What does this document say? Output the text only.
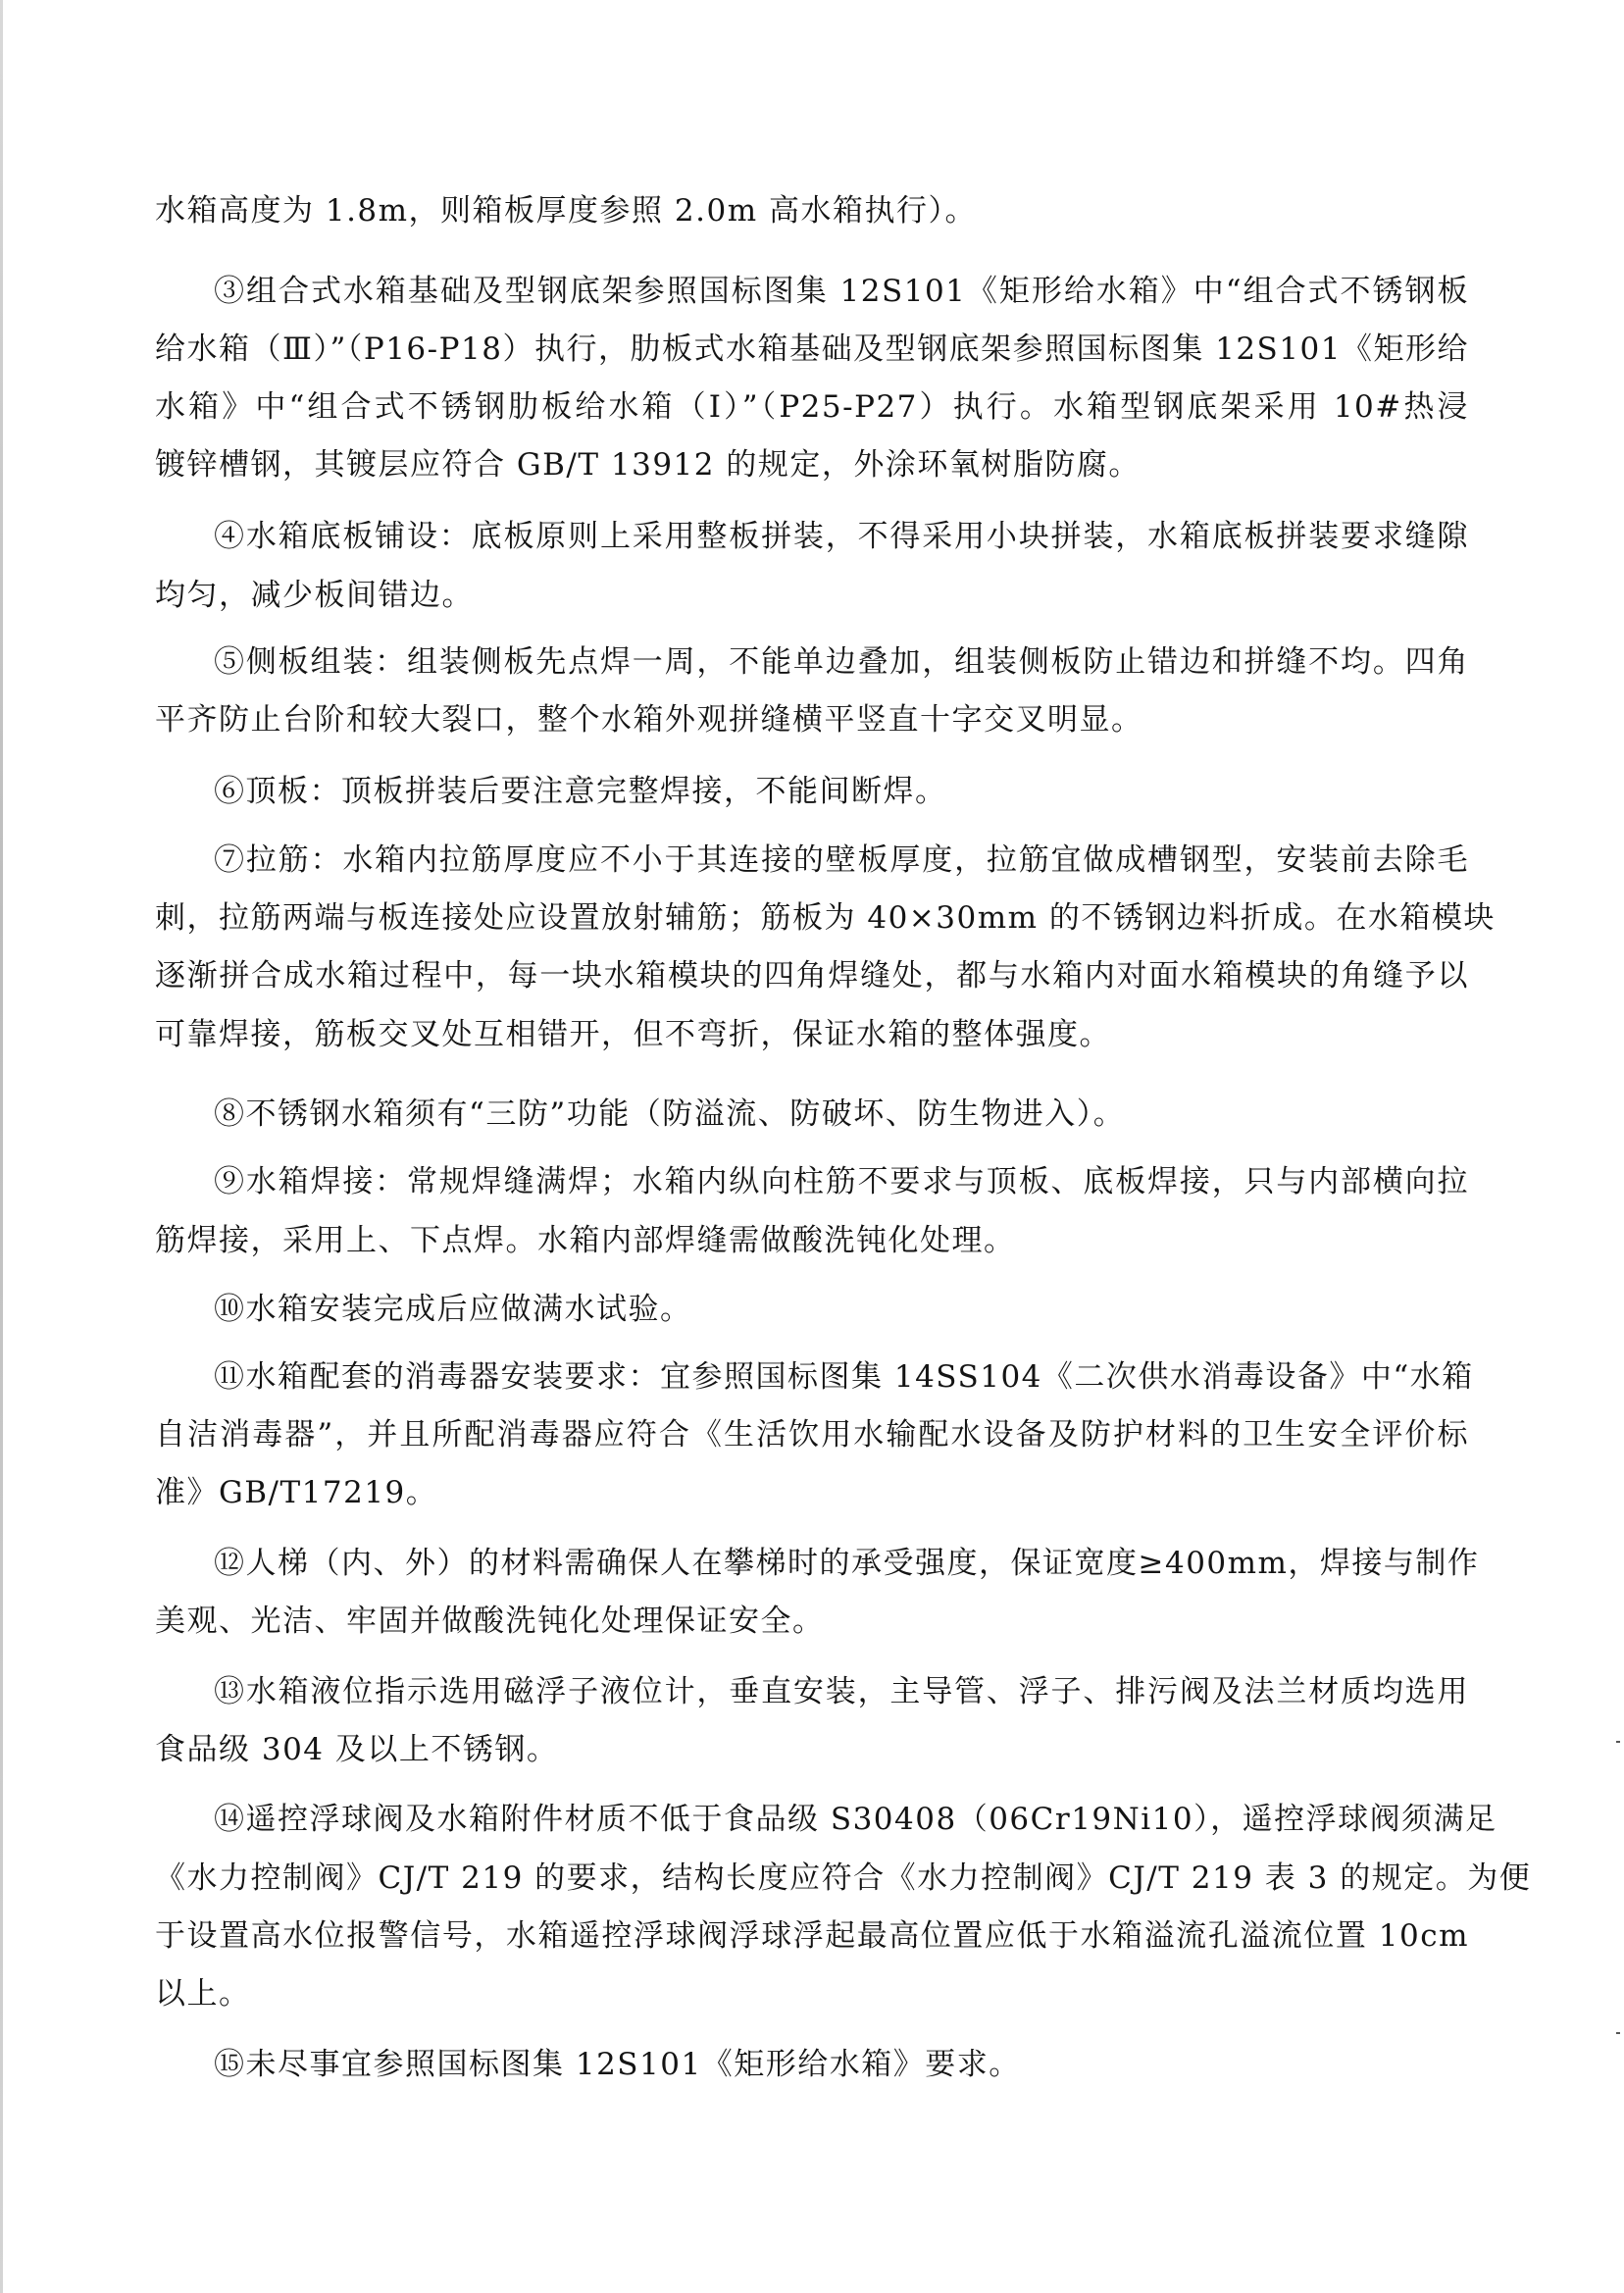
水箱高度为 1.8m，则箱板厚度参照 2.0m 高水箱执行）。
③组合式水箱基础及型钢底架参照国标图集 12S101《矩形给水箱》中“组合式不锈钢板
给水箱（Ⅲ）”（P16-P18）执行，肋板式水箱基础及型钢底架参照国标图集 12S101《矩形给
水箱》中“组合式不锈钢肋板给水箱（Ⅰ）”（P25-P27）执行。水箱型钢底架采用 10#热浸
镀锌槽钢，其镀层应符合 GB/T 13912 的规定，外涂环氧树脂防腐。
④水箱底板铺设：底板原则上采用整板拼装，不得采用小块拼装，水箱底板拼装要求缝隙
均匀，减少板间错边。
⑤侧板组装：组装侧板先点焊一周，不能单边叠加，组装侧板防止错边和拼缝不均。四角
平齐防止台阶和较大裂口，整个水箱外观拼缝横平竖直十字交叉明显。
⑥顶板：顶板拼装后要注意完整焊接，不能间断焊。
⑦拉筋：水箱内拉筋厚度应不小于其连接的壁板厚度，拉筋宜做成槽钢型，安装前去除毛
刺，拉筋两端与板连接处应设置放射辅筋；筋板为 40×30mm 的不锈钢边料折成。在水箱模块
逐渐拼合成水箱过程中，每一块水箱模块的四角焊缝处，都与水箱内对面水箱模块的角缝予以
可靠焊接，筋板交叉处互相错开，但不弯折，保证水箱的整体强度。
⑧不锈钢水箱须有“三防”功能（防溢流、防破坏、防生物进入）。
⑨水箱焊接：常规焊缝满焊；水箱内纵向柱筋不要求与顶板、底板焊接，只与内部横向拉
筋焊接，采用上、下点焊。水箱内部焊缝需做酸洗钝化处理。
⑩水箱安装完成后应做满水试验。
⑪水箱配套的消毒器安装要求：宜参照国标图集 14SS104《二次供水消毒设备》中“水箱
自洁消毒器”，并且所配消毒器应符合《生活饮用水输配水设备及防护材料的卫生安全评价标
准》GB/T17219。
⑫人梯（内、外）的材料需确保人在攀梯时的承受强度，保证宽度≥400mm，焊接与制作
美观、光洁、牢固并做酸洗钝化处理保证安全。
⑬水箱液位指示选用磁浮子液位计，垂直安装，主导管、浮子、排污阀及法兰材质均选用
食品级 304 及以上不锈钢。
⑭遥控浮球阀及水箱附件材质不低于食品级 S30408（06Cr19Ni10），遥控浮球阀须满足
《水力控制阀》CJ/T 219 的要求，结构长度应符合《水力控制阀》CJ/T 219 表 3 的规定。为便
于设置高水位报警信号，水箱遥控浮球阀浮球浮起最高位置应低于水箱溢流孔溢流位置 10cm
以上。
⑮未尽事宜参照国标图集 12S101《矩形给水箱》要求。
